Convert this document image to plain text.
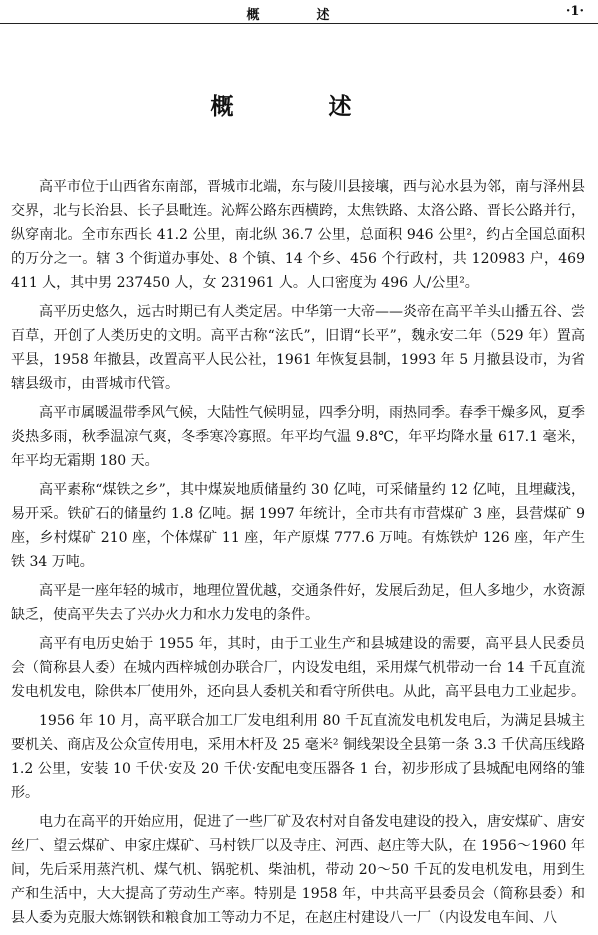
概　述	·1·
概　述

高平市位于山西省东南部，晋城市北端，东与陵川县接壤，西与沁水县为邻，南与泽州县交界，北与长治县、长子县毗连。沁辉公路东西横跨，太焦铁路、太洛公路、晋长公路并行，纵穿南北。全市东西长 41.2 公里，南北纵 36.7 公里，总面积 946 公里²，约占全国总面积的万分之一。辖 3 个街道办事处、8 个镇、14 个乡、456 个行政村，共 120983 户，469411 人，其中男 237450 人，女 231961 人。人口密度为 496 人/公里²。

高平历史悠久，远古时期已有人类定居。中华第一大帝——炎帝在高平羊头山播五谷、尝百草，开创了人类历史的文明。高平古称“泫氏”，旧谓“长平”，魏永安二年（529 年）置高平县，1958 年撤县，改置高平人民公社，1961 年恢复县制，1993 年 5 月撤县设市，为省辖县级市，由晋城市代管。

高平市属暖温带季风气候，大陆性气候明显，四季分明，雨热同季。春季干燥多风，夏季炎热多雨，秋季温凉气爽，冬季寒冷寡照。年平均气温 9.8℃，年平均降水量 617.1 毫米，年平均无霜期 180 天。

高平素称“煤铁之乡”，其中煤炭地质储量约 30 亿吨，可采储量约 12 亿吨，且埋藏浅，易开采。铁矿石的储量约 1.8 亿吨。据 1997 年统计，全市共有市营煤矿 3 座，县营煤矿 9 座，乡村煤矿 210 座，个体煤矿 11 座，年产原煤 777.6 万吨。有炼铁炉 126 座，年产生铁 34 万吨。

高平是一座年轻的城市，地理位置优越，交通条件好，发展后劲足，但人多地少，水资源缺乏，使高平失去了兴办火力和水力发电的条件。

高平有电历史始于 1955 年，其时，由于工业生产和县城建设的需要，高平县人民委员会（简称县人委）在城内西梓城创办联合厂，内设发电组，采用煤气机带动一台 14 千瓦直流发电机发电，除供本厂使用外，还向县人委机关和看守所供电。从此，高平县电力工业起步。

1956 年 10 月，高平联合加工厂发电组利用 80 千瓦直流发电机发电后，为满足县城主要机关、商店及公众宣传用电，采用木杆及 25 毫米² 铜线架设全县第一条 3.3 千伏高压线路 1.2 公里，安装 10 千伏·安及 20 千伏·安配电变压器各 1 台，初步形成了县城配电网络的雏形。

电力在高平的开始应用，促进了一些厂矿及农村对自备发电建设的投入，唐安煤矿、唐安丝厂、望云煤矿、申家庄煤矿、马村铁厂以及寺庄、河西、赵庄等大队，在 1956～1960 年间，先后采用蒸汽机、煤气机、锅驼机、柴油机，带动 20～50 千瓦的发电机发电，用到生产和生活中，大大提高了劳动生产率。特别是 1958 年，中共高平县委员会（简称县委）和县人委为克服大炼钢铁和粮食加工等动力不足，在赵庄村建设八一厂（内设发电车间、八
